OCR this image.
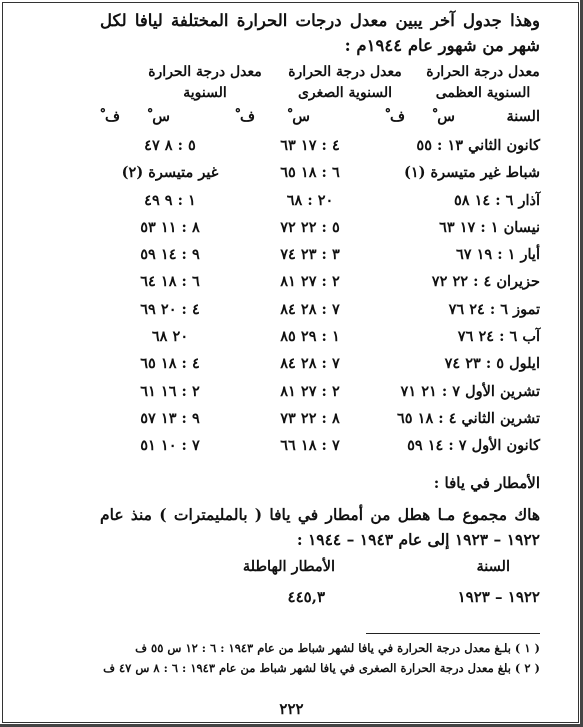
وهذا جدول آخر يبين معدل درجات الحرارة المختلفة ليافا لكل شهر من شهور عام ١٩٤٤م :

معدل درجة الحرارة
السنوية العظمى
معدل درجة الحرارة
السنوية الصغرى
معدل درجة الحرارة
السنوية
السنة
س ْ
ف ْ
س ْ
ف ْ
س ْ
ف ْ
كانون الثاني ١٣ : ٥٥
٤ : ١٧ ٦٣
٥ : ٨ ٤٧
شباط غير متيسرة (١)
٦ : ١٨ ٦٥
غير متيسرة (٢)
آذار ٦ : ١٤ ٥٨
٢٠ : ٦٨
١ : ٩ ٤٩
نيسان ١ : ١٧ ٦٣
٥ : ٢٢ ٧٢
٨ : ١١ ٥٣
أيار ١ : ١٩ ٦٧
٣ : ٢٣ ٧٤
٩ : ١٤ ٥٩
حزيران ٤ : ٢٢ ٧٢
٢ : ٢٧ ٨١
٦ : ١٨ ٦٤
تموز ٦ : ٢٤ ٧٦
٧ : ٢٨ ٨٤
٤ : ٢٠ ٦٩
آب ٦ : ٢٤ ٧٦
١ : ٢٩ ٨٥
٢٠ ٦٨
ايلول ٥ : ٢٣ ٧٤
٧ : ٢٨ ٨٤
٤ : ١٨ ٦٥
تشرين الأول ٧ : ٢١ ٧١
٢ : ٢٧ ٨١
٢ : ١٦ ٦١
تشرين الثاني ٤ : ١٨ ٦٥
٨ : ٢٢ ٧٣
٩ : ١٣ ٥٧
كانون الأول ٧ : ١٤ ٥٩
٧ : ١٨ ٦٦
٧ : ١٠ ٥١
الأمطار في يافا :
هاك مجموع مـا هطل من أمطار في يافا ( بالمليمترات ) منذ عام ١٩٢٢ – ١٩٢٣ إلى عام ١٩٤٣ – ١٩٤٤ :
السنة
الأمطار الهاطلة
١٩٢٢ – ١٩٢٣
٤٤٥,٣
( ١ ) بلـغ معدل درجة الحرارة في يافا لشهر شباط من عام ١٩٤٣ : ٦ : ١٢ س ٥٥ ف
( ٢ ) بلغ معدل درجة الحرارة الصغرى في يافا لشهر شباط من عام ١٩٤٣ : ٦ : ٨ س ٤٧ ف
٢٢٢
